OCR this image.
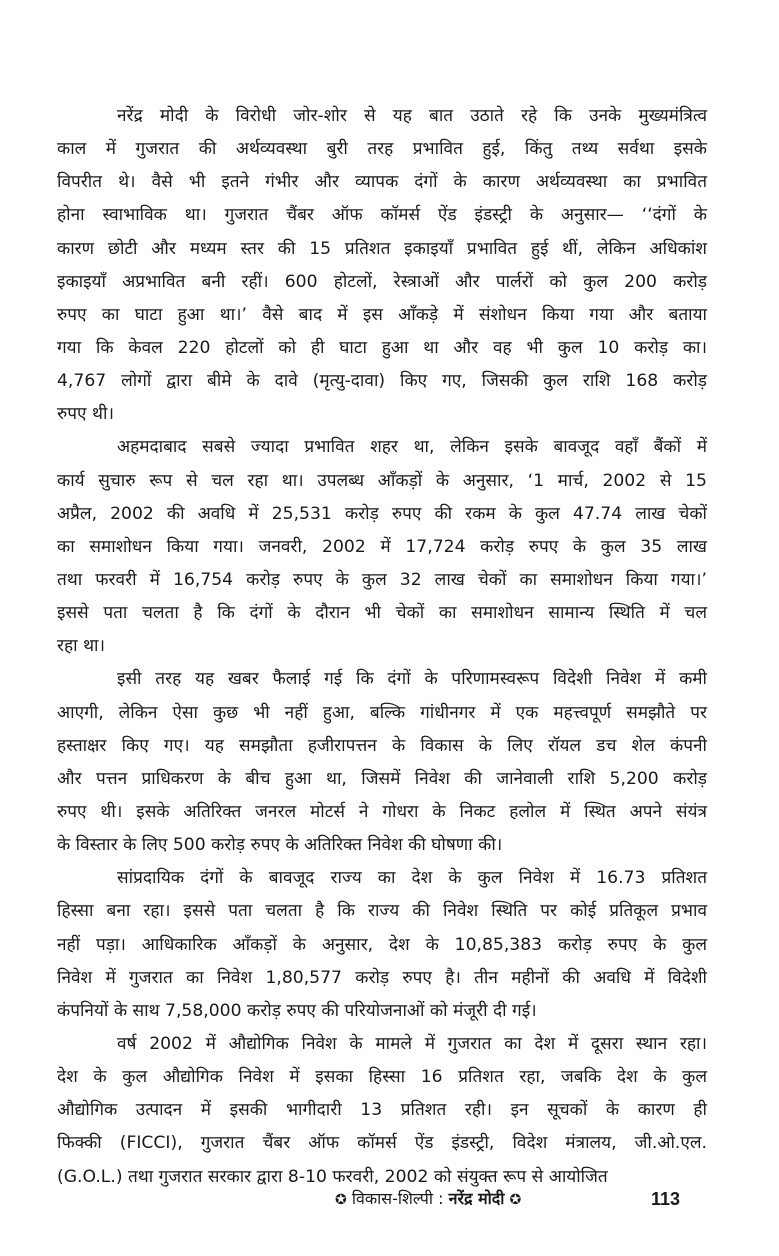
नरेंद्र मोदी के विरोधी जोर-शोर से यह बात उठाते रहे कि उनके मुख्यमंत्रित्व
काल में गुजरात की अर्थव्यवस्था बुरी तरह प्रभावित हुई, किंतु तथ्य सर्वथा इसके
विपरीत थे। वैसे भी इतने गंभीर और व्यापक दंगों के कारण अर्थव्यवस्था का प्रभावित
होना स्वाभाविक था। गुजरात चैंबर ऑफ कॉमर्स ऐंड इंडस्ट्री के अनुसार— ‘‘दंगों के
कारण छोटी और मध्यम स्तर की 15 प्रतिशत इकाइयाँ प्रभावित हुई थीं, लेकिन अधिकांश
इकाइयाँ अप्रभावित बनी रहीं। 600 होटलों, रेस्त्राओं और पार्लरों को कुल 200 करोड़
रुपए का घाटा हुआ था।’ वैसे बाद में इस आँकड़े में संशोधन किया गया और बताया
गया कि केवल 220 होटलों को ही घाटा हुआ था और वह भी कुल 10 करोड़ का।
4,767 लोगों द्वारा बीमे के दावे (मृत्यु-दावा) किए गए, जिसकी कुल राशि 168 करोड़
रुपए थी।
अहमदाबाद सबसे ज्यादा प्रभावित शहर था, लेकिन इसके बावजूद वहाँ बैंकों में
कार्य सुचारु रूप से चल रहा था। उपलब्ध आँकड़ों के अनुसार, ‘1 मार्च, 2002 से 15
अप्रैल, 2002 की अवधि में 25,531 करोड़ रुपए की रकम के कुल 47.74 लाख चेकों
का समाशोधन किया गया। जनवरी, 2002 में 17,724 करोड़ रुपए के कुल 35 लाख
तथा फरवरी में 16,754 करोड़ रुपए के कुल 32 लाख चेकों का समाशोधन किया गया।’
इससे पता चलता है कि दंगों के दौरान भी चेकों का समाशोधन सामान्य स्थिति में चल
रहा था।
इसी तरह यह खबर फैलाई गई कि दंगों के परिणामस्वरूप विदेशी निवेश में कमी
आएगी, लेकिन ऐसा कुछ भी नहीं हुआ, बल्कि गांधीनगर में एक महत्त्वपूर्ण समझौते पर
हस्ताक्षर किए गए। यह समझौता हजीरापत्तन के विकास के लिए रॉयल डच शेल कंपनी
और पत्तन प्राधिकरण के बीच हुआ था, जिसमें निवेश की जानेवाली राशि 5,200 करोड़
रुपए थी। इसके अतिरिक्त जनरल मोटर्स ने गोधरा के निकट हलोल में स्थित अपने संयंत्र
के विस्तार के लिए 500 करोड़ रुपए के अतिरिक्त निवेश की घोषणा की।
सांप्रदायिक दंगों के बावजूद राज्य का देश के कुल निवेश में 16.73 प्रतिशत
हिस्सा बना रहा। इससे पता चलता है कि राज्य की निवेश स्थिति पर कोई प्रतिकूल प्रभाव
नहीं पड़ा। आधिकारिक आँकड़ों के अनुसार, देश के 10,85,383 करोड़ रुपए के कुल
निवेश में गुजरात का निवेश 1,80,577 करोड़ रुपए है। तीन महीनों की अवधि में विदेशी
कंपनियों के साथ 7,58,000 करोड़ रुपए की परियोजनाओं को मंजूरी दी गई।
वर्ष 2002 में औद्योगिक निवेश के मामले में गुजरात का देश में दूसरा स्थान रहा।
देश के कुल औद्योगिक निवेश में इसका हिस्सा 16 प्रतिशत रहा, जबकि देश के कुल
औद्योगिक उत्पादन में इसकी भागीदारी 13 प्रतिशत रही। इन सूचकों के कारण ही
फिक्की (FICCI), गुजरात चैंबर ऑफ कॉमर्स ऐंड इंडस्ट्री, विदेश मंत्रालय, जी.ओ.एल.
(G.O.L.) तथा गुजरात सरकार द्वारा 8-10 फरवरी, 2002 को संयुक्त रूप से आयोजित
✪ विकास-शिल्पी : नरेंद्र मोदी ✪	113
